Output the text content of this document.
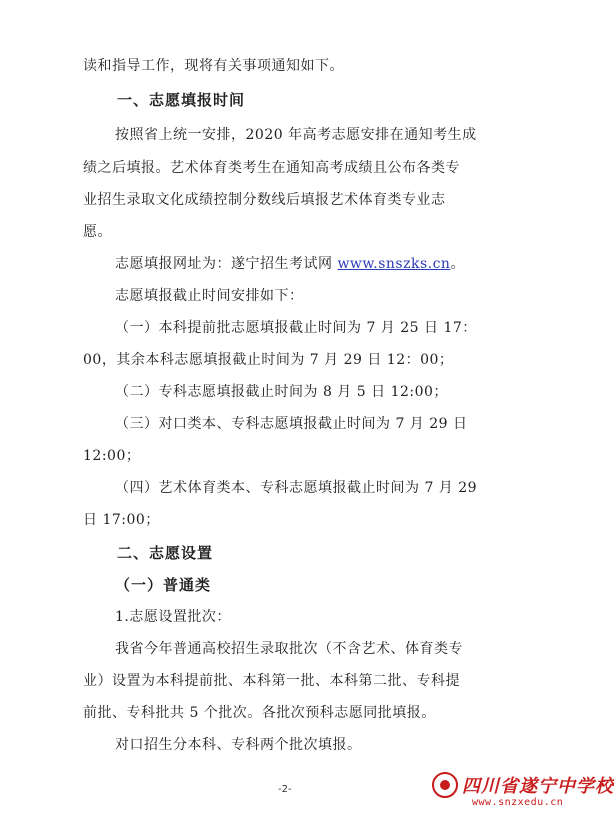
读和指导工作，现将有关事项通知如下。
一、志愿填报时间
按照省上统一安排，2020 年高考志愿安排在通知考生成
绩之后填报。艺术体育类考生在通知高考成绩且公布各类专
业招生录取文化成绩控制分数线后填报艺术体育类专业志
愿。
志愿填报网址为：遂宁招生考试网 www.snszks.cn。
志愿填报截止时间安排如下：
（一）本科提前批志愿填报截止时间为 7 月 25 日 17：
00，其余本科志愿填报截止时间为 7 月 29 日 12：00；
（二）专科志愿填报截止时间为 8 月 5 日 12:00；
（三）对口类本、专科志愿填报截止时间为 7 月 29 日
12:00；
（四）艺术体育类本、专科志愿填报截止时间为 7 月 29
日 17:00；
二、志愿设置
（一）普通类
1.志愿设置批次：
我省今年普通高校招生录取批次（不含艺术、体育类专
业）设置为本科提前批、本科第一批、本科第二批、专科提
前批、专科批共 5 个批次。各批次预科志愿同批填报。
对口招生分本科、专科两个批次填报。
-2-	四川省遂宁中学校
www.snzxedu.cn
